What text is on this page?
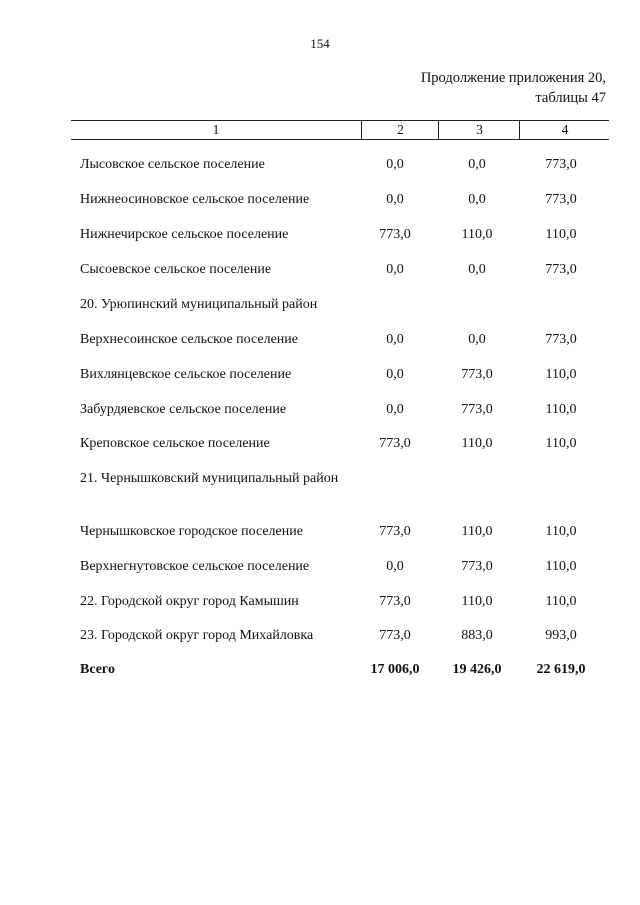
154
Продолжение приложения 20,
таблицы 47
1	2	3	4
Лысовское сельское поселение	0,0	0,0	773,0
Нижнеосиновское сельское поселение	0,0	0,0	773,0
Нижнечирское сельское поселение	773,0	110,0	110,0
Сысоевское сельское поселение	0,0	0,0	773,0
20. Урюпинский муниципальный район
Верхнесоинское сельское поселение	0,0	0,0	773,0
Вихлянцевское сельское поселение	0,0	773,0	110,0
Забурдяевское сельское поселение	0,0	773,0	110,0
Креповское сельское поселение	773,0	110,0	110,0
21. Чернышковский муниципальный район
Чернышковское городское поселение	773,0	110,0	110,0
Верхнегнутовское сельское поселение	0,0	773,0	110,0
22. Городской округ город Камышин	773,0	110,0	110,0
23. Городской округ город Михайловка	773,0	883,0	993,0
Всего	17 006,0	19 426,0	22 619,0
